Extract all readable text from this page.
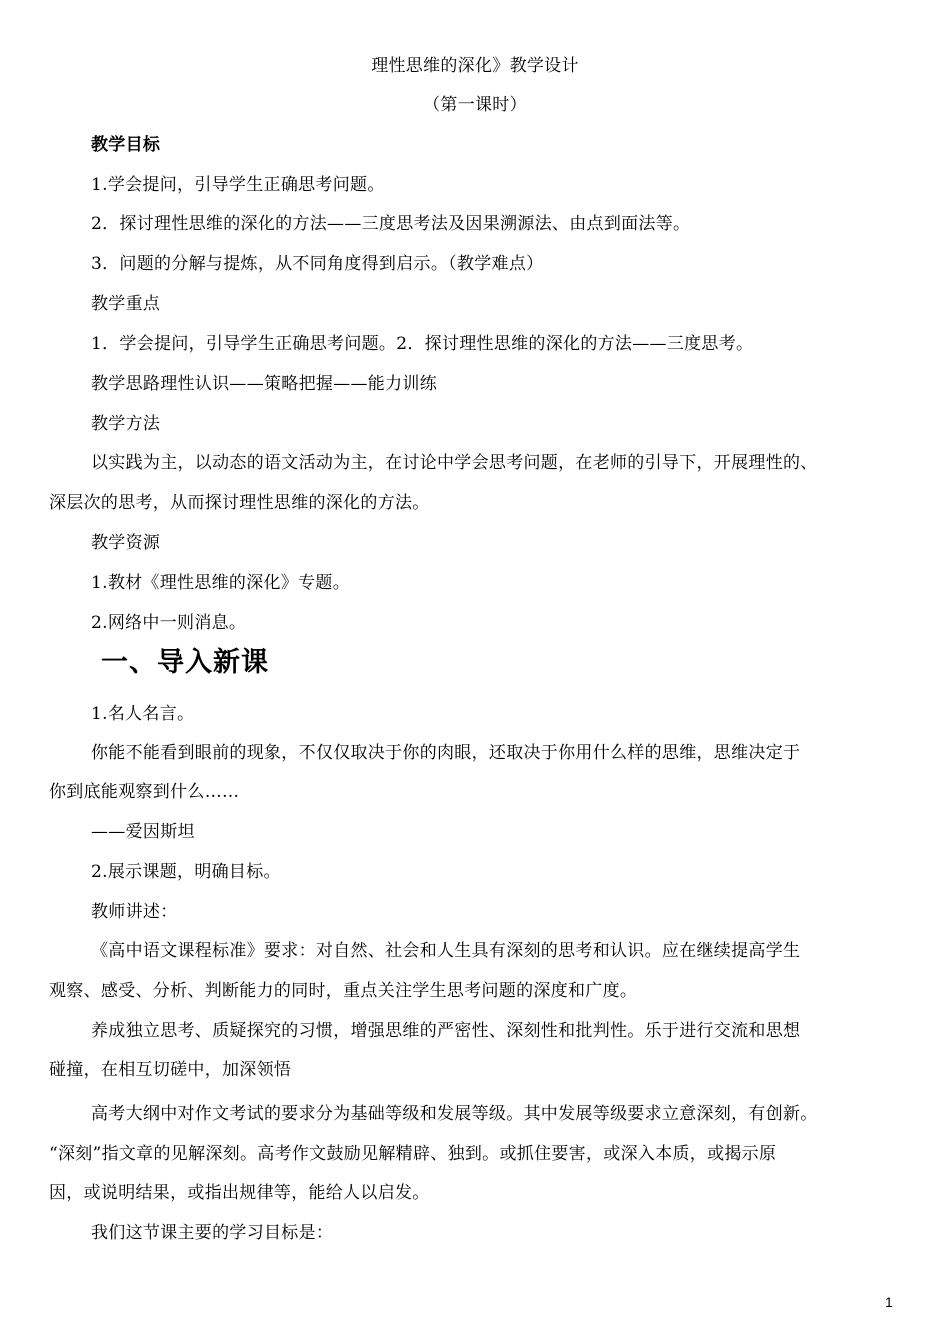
理性思维的深化》教学设计
（第一课时）
教学目标
1.学会提问，引导学生正确思考问题。
2．探讨理性思维的深化的方法——三度思考法及因果溯源法、由点到面法等。
3．问题的分解与提炼，从不同角度得到启示。（教学难点）
教学重点
1．学会提问，引导学生正确思考问题。2．探讨理性思维的深化的方法——三度思考。
教学思路理性认识——策略把握——能力训练
教学方法
以实践为主，以动态的语文活动为主，在讨论中学会思考问题，在老师的引导下，开展理性的、
深层次的思考，从而探讨理性思维的深化的方法。
教学资源
1.教材《理性思维的深化》专题。
2.网络中一则消息。
一、导入新课
1.名人名言。
你能不能看到眼前的现象，不仅仅取决于你的肉眼，还取决于你用什么样的思维，思维决定于
你到底能观察到什么……
——爱因斯坦
2.展示课题，明确目标。
教师讲述：
《高中语文课程标准》要求：对自然、社会和人生具有深刻的思考和认识。应在继续提高学生
观察、感受、分析、判断能力的同时，重点关注学生思考问题的深度和广度。
养成独立思考、质疑探究的习惯，增强思维的严密性、深刻性和批判性。乐于进行交流和思想
碰撞，在相互切磋中，加深领悟
高考大纲中对作文考试的要求分为基础等级和发展等级。其中发展等级要求立意深刻，有创新。
“深刻”指文章的见解深刻。高考作文鼓励见解精辟、独到。或抓住要害，或深入本质，或揭示原
因，或说明结果，或指出规律等，能给人以启发。
我们这节课主要的学习目标是：
1
